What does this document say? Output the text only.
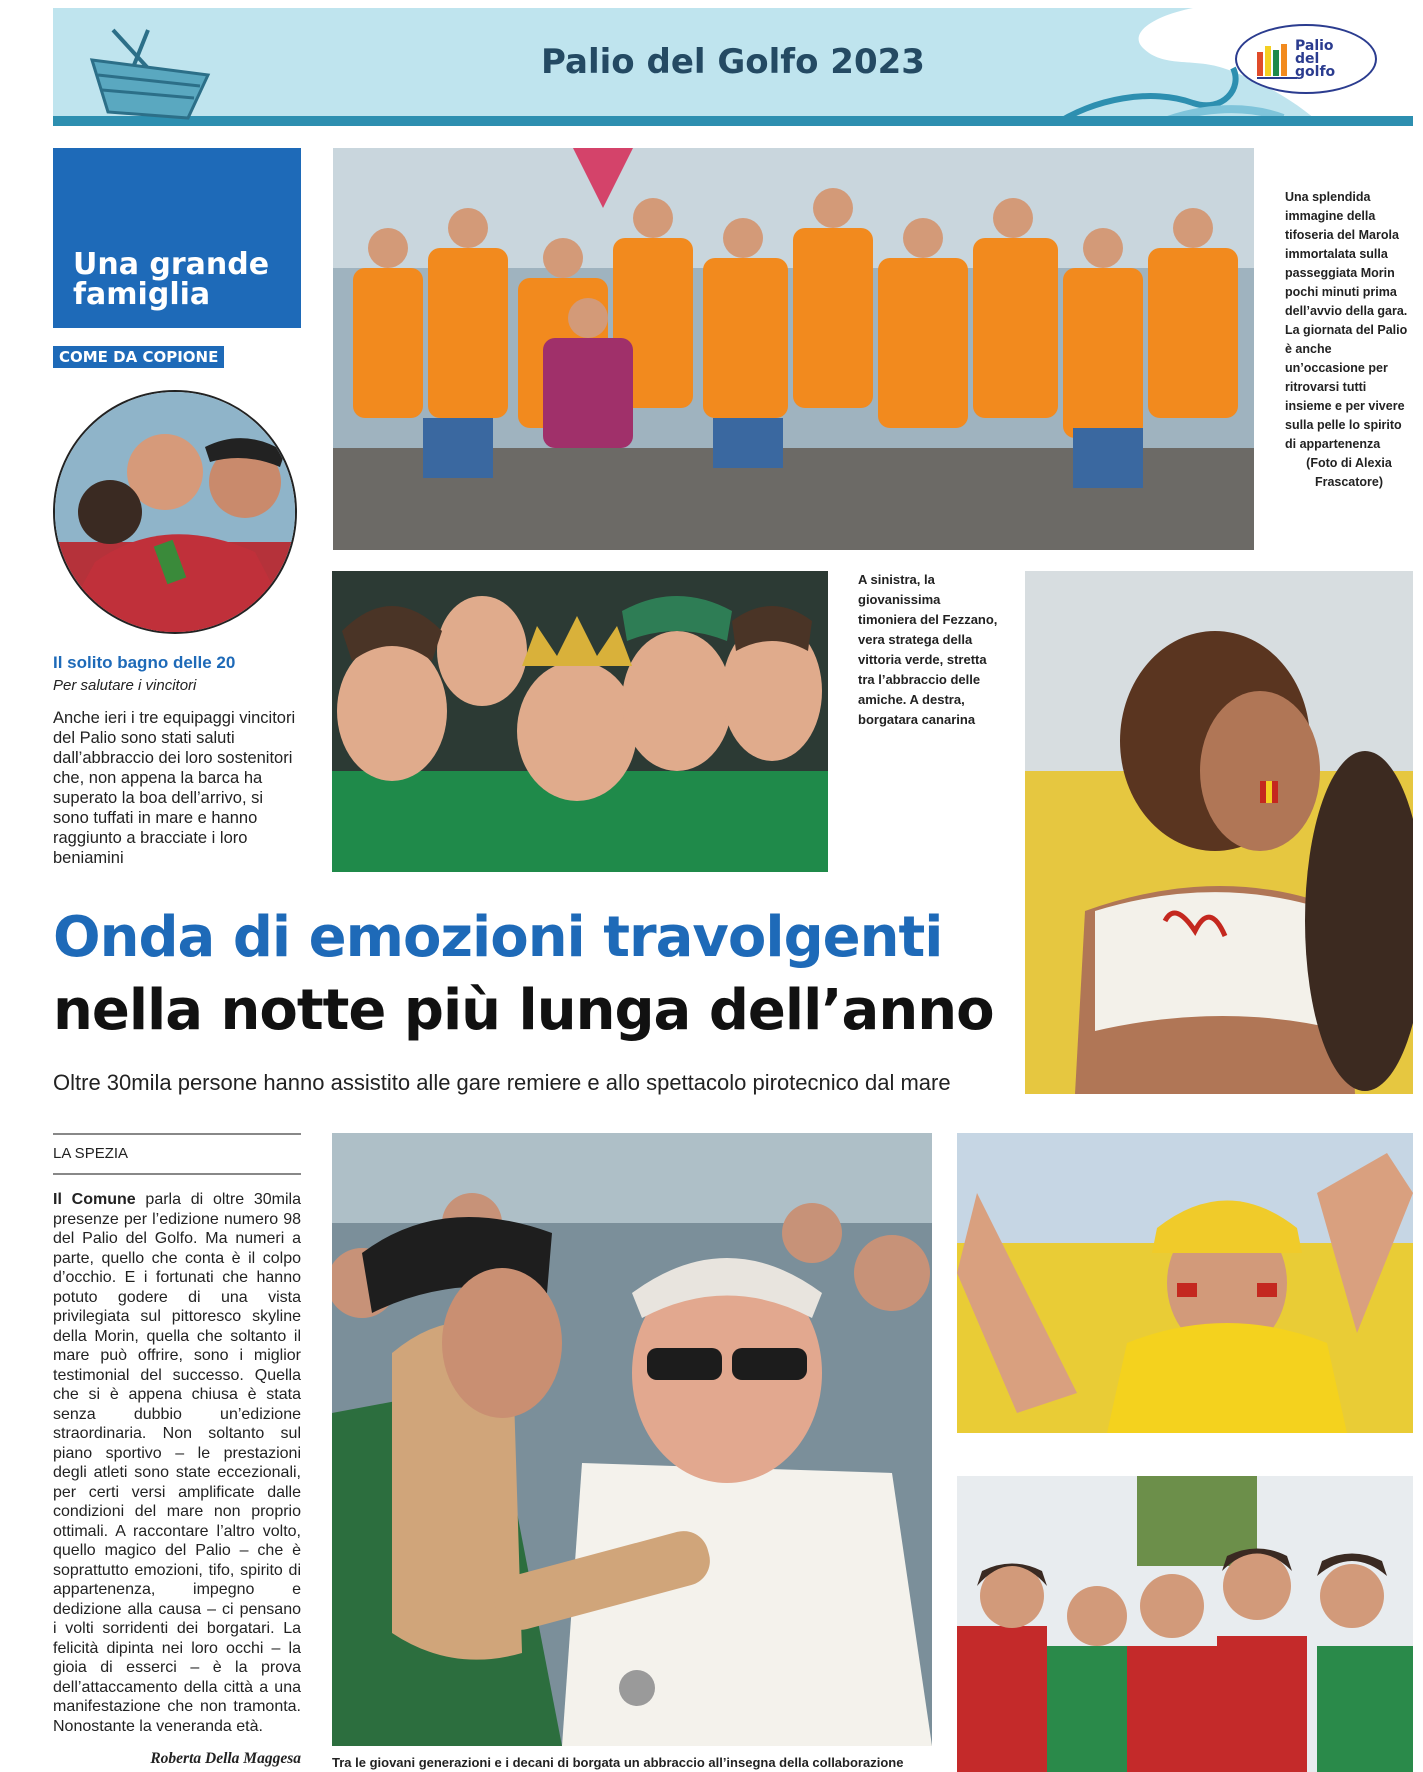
Palio del Golfo 2023	Palio
del
golfo
Una grande famiglia
COME DA COPIONE
Il solito bagno delle 20
Per salutare i vincitori
Anche ieri i tre equipaggi vincitori del Palio sono stati saluti dall’abbraccio dei loro sostenitori che, non appena la barca ha superato la boa dell’arrivo, si sono tuffati in mare e hanno raggiunto a bracciate i loro beniamini
Una splendida immagine della tifoseria del Marola immortalata sulla passeggiata Morin pochi minuti prima dell’avvio della gara. La giornata del Palio è anche un’occasione per ritrovarsi tutti insieme e per vivere sulla pelle lo spirito di appartenenza
(Foto di Alexia Frascatore)
A sinistra, la giovanissima timoniera del Fezzano, vera stratega della vittoria verde, stretta tra l’abbraccio delle amiche. A destra, borgatara canarina
Tra le giovani generazioni e i decani di borgata un abbraccio all’insegna della collaborazione
Onda di emozioni travolgenti
nella notte più lunga dell’anno
Oltre 30mila persone hanno assistito alle gare remiere e allo spettacolo pirotecnico dal mare
LA SPEZIA
Il Comune parla di oltre 30mila presenze per l’edizione numero 98 del Palio del Golfo. Ma numeri a parte, quello che conta è il colpo d’occhio. E i fortunati che hanno potuto godere di una vista privilegiata sul pittoresco skyline della Morin, quella che soltanto il mare può offrire, sono i miglior testimonial del successo. Quella che si è appena chiusa è stata senza dubbio un’edizione straordinaria. Non soltanto sul piano sportivo – le prestazioni degli atleti sono state eccezionali, per certi versi amplificate dalle condizioni del mare non proprio ottimali. A raccontare l’altro volto, quello magico del Palio – che è soprattutto emozioni, tifo, spirito di appartenenza, impegno e dedizione alla causa – ci pensano i volti sorridenti dei borgatari. La felicità dipinta nei loro occhi – la gioia di esserci – è la prova dell’attaccamento della città a una manifestazione che non tramonta. Nonostante la veneranda età.
Roberta Della Maggesa
